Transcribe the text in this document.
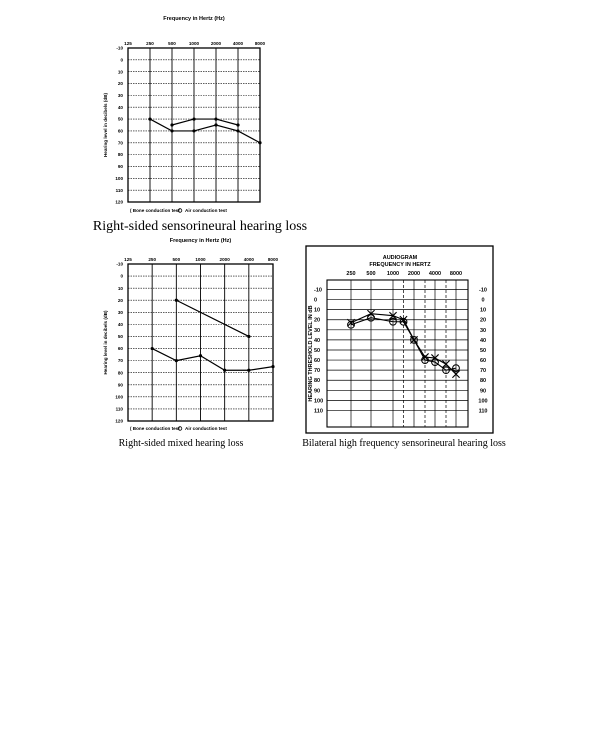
Frequency in Hertz (Hz)
-10
0
10
20
30
40
50
60
70
80
90
100
110
120
125	250	500	1000	2000	4000	8000
Hearing level in decibels (dB)
( Bone conduction test Air conduction test
Right-sided sensorineural hearing loss
Frequency in Hertz (Hz)
-10
0
10
20
30
40
50
60
70
80
90
100
110
120
125	250	500	1000	2000	4000	8000
Hearing level in decibels (dB)
( Bone conduction test Air conduction test
Right-sided mixed hearing loss
AUDIOGRAM
FREQUENCY IN HERTZ
250 500 1000 2000 4000 8000
-10	-10
0	0
10	10
20	20
30	30
40	40
50	50
60	60
70	70
80	80
90	90
100	100
110	110
HEARING THRESHOLD LEVEL IN dB
Bilateral high frequency sensorineural hearing loss
